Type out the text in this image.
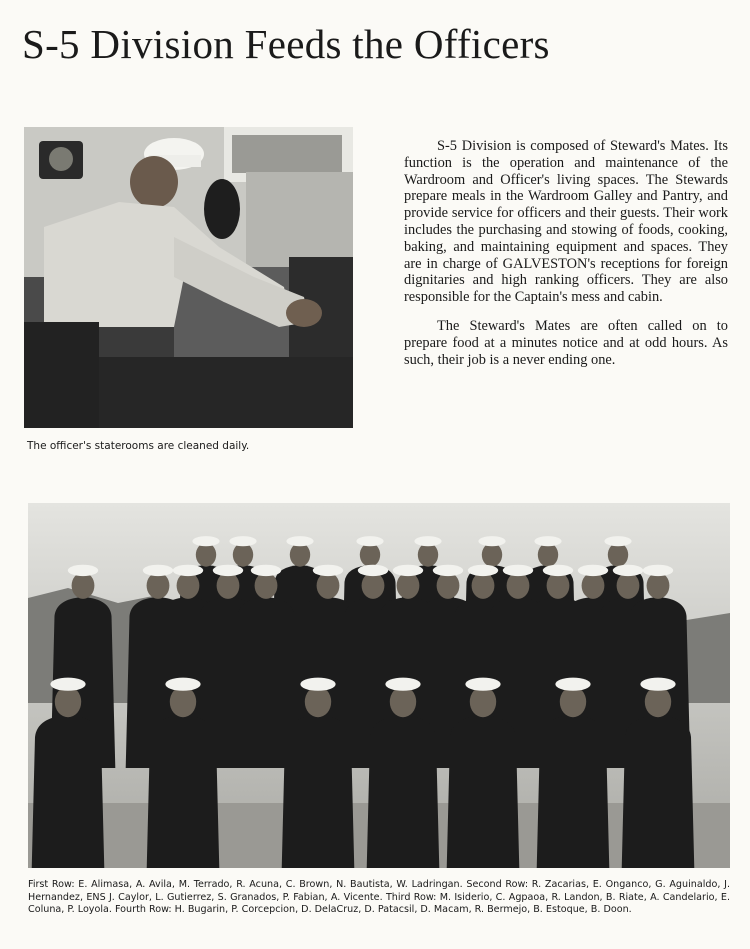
S-5 Division Feeds the Officers
The officer's staterooms are cleaned daily.

S-5 Division is composed of Steward's Mates. Its function is the operation and maintenance of the Wardroom and Officer's living spaces. The Stewards prepare meals in the Wardroom Galley and Pantry, and provide service for officers and their guests. Their work includes the purchasing and stowing of foods, cooking, baking, and maintaining equipment and spaces. They are in charge of GALVESTON's receptions for foreign dignitaries and high ranking officers. They are also responsible for the Captain's mess and cabin.

The Steward's Mates are often called on to prepare food at a minutes notice and at odd hours. As such, their job is a never ending one.

First Row: E. Alimasa, A. Avila, M. Terrado, R. Acuna, C. Brown, N. Bautista, W. Ladringan. Second Row: R. Zacarias, E. Onganco, G. Aguinaldo, J. Hernandez, ENS J. Caylor, L. Gutierrez, S. Granados, P. Fabian, A. Vicente. Third Row: M. Isiderio, C. Agpaoa, R. Landon, B. Riate, A. Candelario, E. Coluna, P. Loyola. Fourth Row: H. Bugarin, P. Corcepcion, D. DelaCruz, D. Patacsil, D. Macam, R. Bermejo, B. Estoque, B. Doon.
